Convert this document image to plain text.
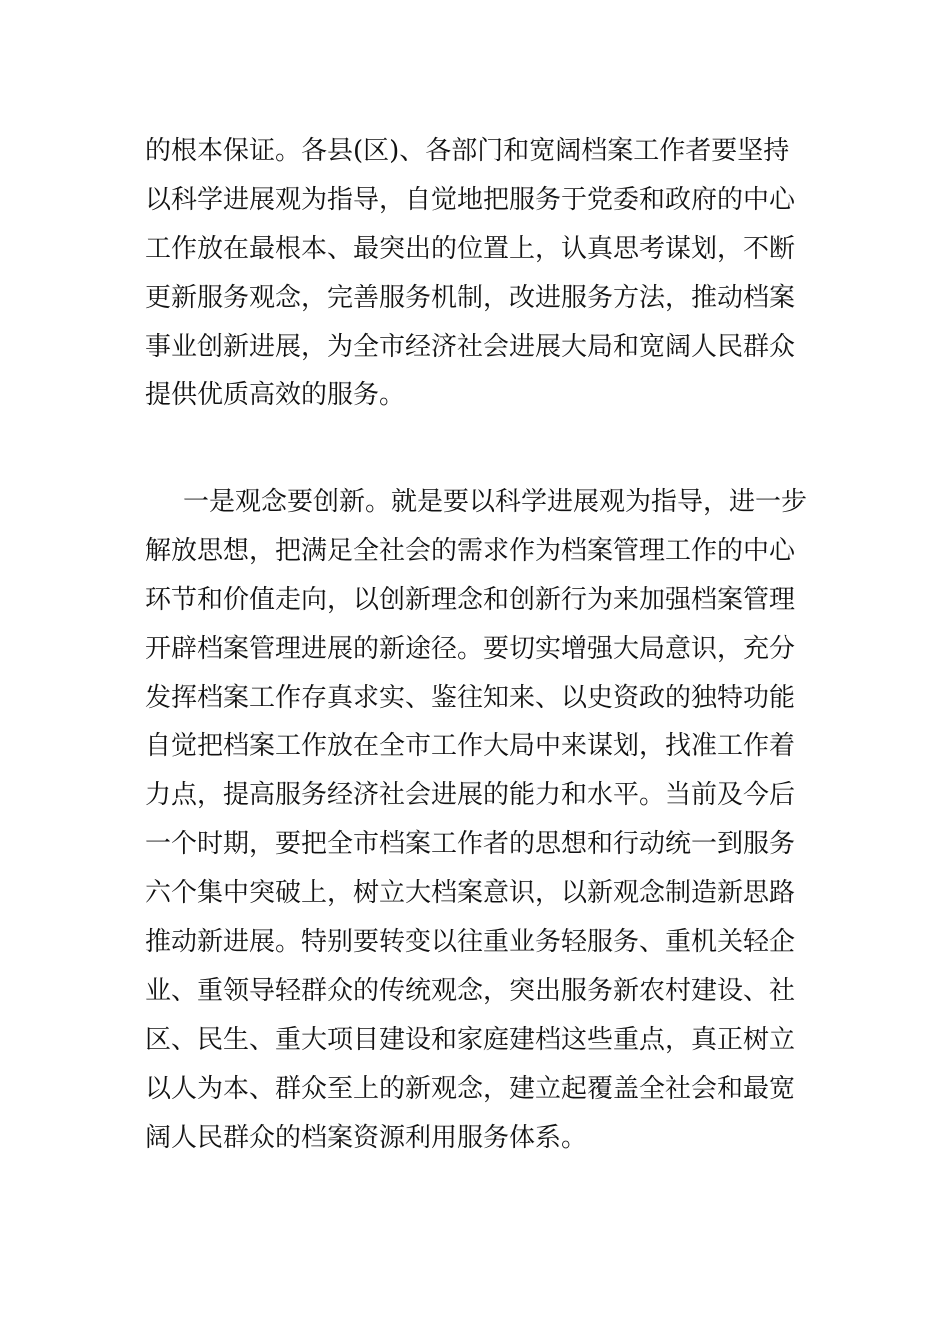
的根本保证。各县(区)、各部门和宽阔档案工作者要坚持
以科学进展观为指导，自觉地把服务于党委和政府的中心
工作放在最根本、最突出的位置上，认真思考谋划，不断
更新服务观念，完善服务机制，改进服务方法，推动档案
事业创新进展，为全市经济社会进展大局和宽阔人民群众
提供优质高效的服务。
一是观念要创新。就是要以科学进展观为指导，进一步
解放思想，把满足全社会的需求作为档案管理工作的中心
环节和价值走向，以创新理念和创新行为来加强档案管理
开辟档案管理进展的新途径。要切实增强大局意识，充分
发挥档案工作存真求实、鉴往知来、以史资政的独特功能
自觉把档案工作放在全市工作大局中来谋划，找准工作着
力点，提高服务经济社会进展的能力和水平。当前及今后
一个时期，要把全市档案工作者的思想和行动统一到服务
六个集中突破上，树立大档案意识，以新观念制造新思路
推动新进展。特别要转变以往重业务轻服务、重机关轻企
业、重领导轻群众的传统观念，突出服务新农村建设、社
区、民生、重大项目建设和家庭建档这些重点，真正树立
以人为本、群众至上的新观念，建立起覆盖全社会和最宽
阔人民群众的档案资源利用服务体系。
